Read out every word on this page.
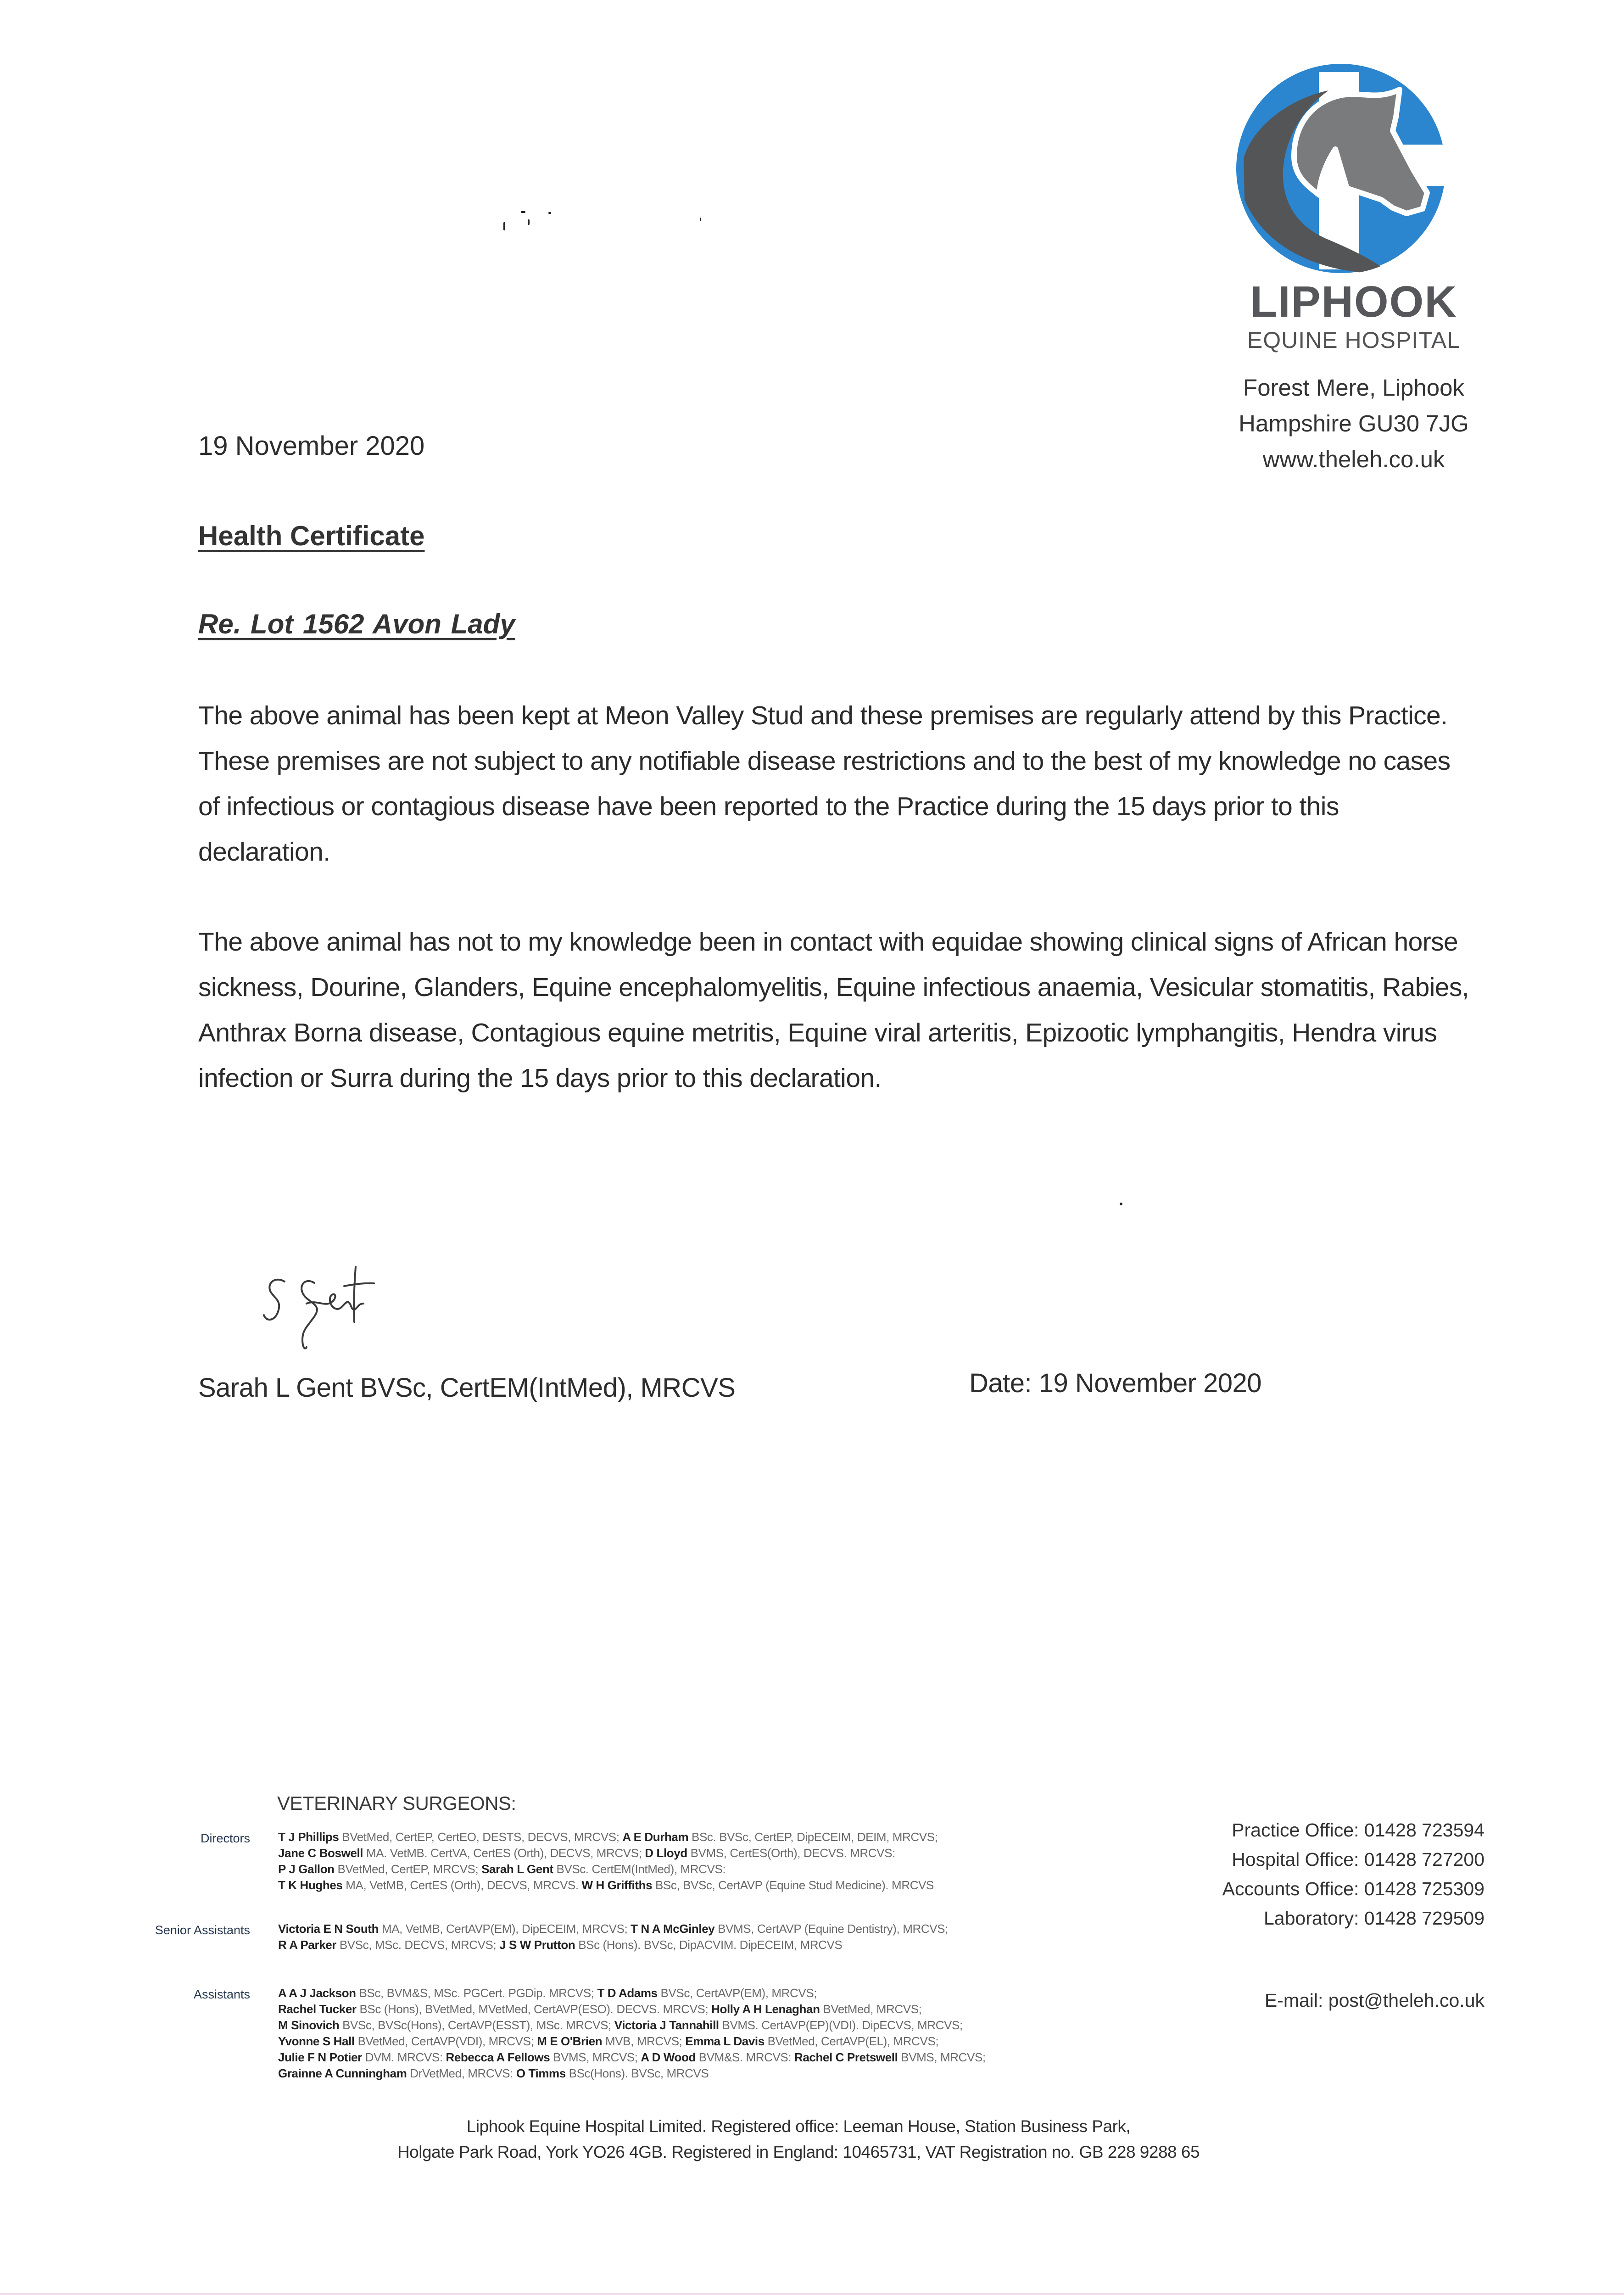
LIPHOOK
EQUINE HOSPITAL
Forest Mere, Liphook
Hampshire GU30 7JG
www.theleh.co.uk
19 November 2020
Health Certificate
Re. Lot 1562 Avon Lady
The above animal has been kept at Meon Valley Stud and these premises are regularly attend by this Practice. These premises are not subject to any notifiable disease restrictions and to the best of my knowledge no cases of infectious or contagious disease have been reported to the Practice during the 15 days prior to this declaration.
The above animal has not to my knowledge been in contact with equidae showing clinical signs of African horse sickness, Dourine, Glanders, Equine encephalomyelitis, Equine infectious anaemia, Vesicular stomatitis, Rabies, Anthrax Borna disease, Contagious equine metritis, Equine viral arteritis, Epizootic lymphangitis, Hendra virus infection or Surra during the 15 days prior to this declaration.
Sarah L Gent BVSc, CertEM(IntMed), MRCVS	Date: 19 November 2020
VETERINARY SURGEONS:
Directors T J Phillips BVetMed, CertEP, CertEO, DESTS, DECVS, MRCVS; A E Durham BSc. BVSc, CertEP, DipECEIM, DEIM, MRCVS;
Jane C Boswell MA. VetMB. CertVA, CertES (Orth), DECVS, MRCVS; D Lloyd BVMS, CertES(Orth), DECVS. MRCVS:
P J Gallon BVetMed, CertEP, MRCVS; Sarah L Gent BVSc. CertEM(IntMed), MRCVS:
T K Hughes MA, VetMB, CertES (Orth), DECVS, MRCVS. W H Griffiths BSc, BVSc, CertAVP (Equine Stud Medicine). MRCVS
Senior Assistants Victoria E N South MA, VetMB, CertAVP(EM), DipECEIM, MRCVS; T N A McGinley BVMS, CertAVP (Equine Dentistry), MRCVS;
R A Parker BVSc, MSc. DECVS, MRCVS; J S W Prutton BSc (Hons). BVSc, DipACVIM. DipECEIM, MRCVS
Assistants A A J Jackson BSc, BVM&S, MSc. PGCert. PGDip. MRCVS; T D Adams BVSc, CertAVP(EM), MRCVS;
Rachel Tucker BSc (Hons), BVetMed, MVetMed, CertAVP(ESO). DECVS. MRCVS; Holly A H Lenaghan BVetMed, MRCVS;
M Sinovich BVSc, BVSc(Hons), CertAVP(ESST), MSc. MRCVS; Victoria J Tannahill BVMS. CertAVP(EP)(VDI). DipECVS, MRCVS;
Yvonne S Hall BVetMed, CertAVP(VDI), MRCVS; M E O'Brien MVB, MRCVS; Emma L Davis BVetMed, CertAVP(EL), MRCVS;
Julie F N Potier DVM. MRCVS: Rebecca A Fellows BVMS, MRCVS; A D Wood BVM&S. MRCVS: Rachel C Pretswell BVMS, MRCVS;
Grainne A Cunningham DrVetMed, MRCVS: O Timms BSc(Hons). BVSc, MRCVS
Practice Office: 01428 723594
Hospital Office: 01428 727200
Accounts Office: 01428 725309
Laboratory: 01428 729509
E-mail: post@theleh.co.uk
Liphook Equine Hospital Limited. Registered office: Leeman House, Station Business Park,
Holgate Park Road, York YO26 4GB. Registered in England: 10465731, VAT Registration no. GB 228 9288 65
